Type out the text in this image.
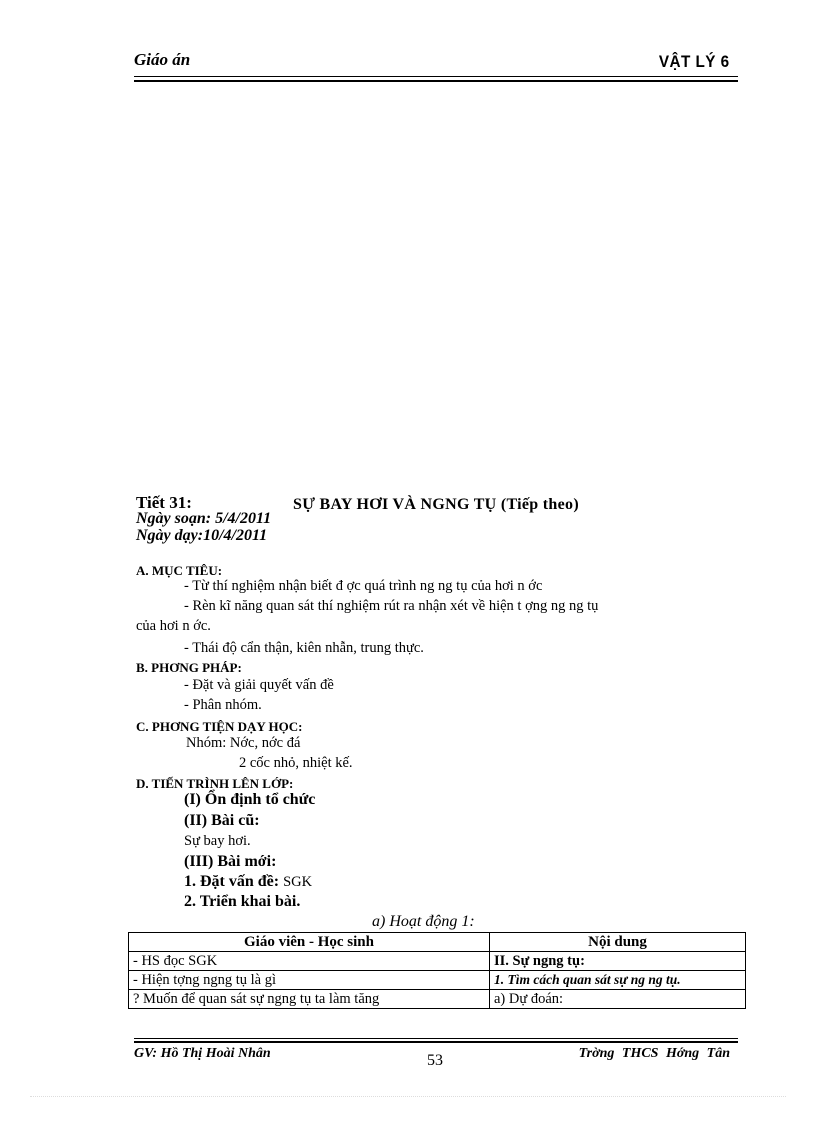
Giáo án	VẬT LÝ 6
Tiết 31:	SỰ BAY HƠI VÀ NGNG TỤ (Tiếp theo)
Ngày soạn: 5/4/2011
Ngày dạy:10/4/2011
A. MỤC TIÊU:
- Từ thí nghiệm nhận biết đ ợc quá trình ng ng tụ của hơi n ớc
- Rèn kĩ năng quan sát thí nghiệm rút ra nhận xét về hiện t ợng ng ng tụ
của hơi n ớc.
- Thái độ cẩn thận, kiên nhẫn, trung thực.
B. PHƠNG PHÁP:
- Đặt và giải quyết vấn đề
- Phân nhóm.
C. PHƠNG TIỆN DẠY HỌC:
Nhóm: Nớc, nớc đá
2 cốc nhỏ, nhiệt kế.
D. TIẾN TRÌNH LÊN LỚP:
(I) Ổn định tổ chức
(II) Bài cũ:
Sự bay hơi.
(III) Bài mới:
1. Đặt vấn đề: SGK
2. Triển khai bài.
a) Hoạt động 1:
Giáo viên - Học sinh	Nội dung
- HS đọc SGK	II. Sự ngng tụ:
- Hiện tợng ngng tụ là gì	1. Tìm cách quan sát sự ng ng tụ.
? Muốn để quan sát sự ngng tụ ta làm tăng	a) Dự đoán:
GV: Hồ Thị Hoài Nhân	53	Trờng THCS Hớng Tân
